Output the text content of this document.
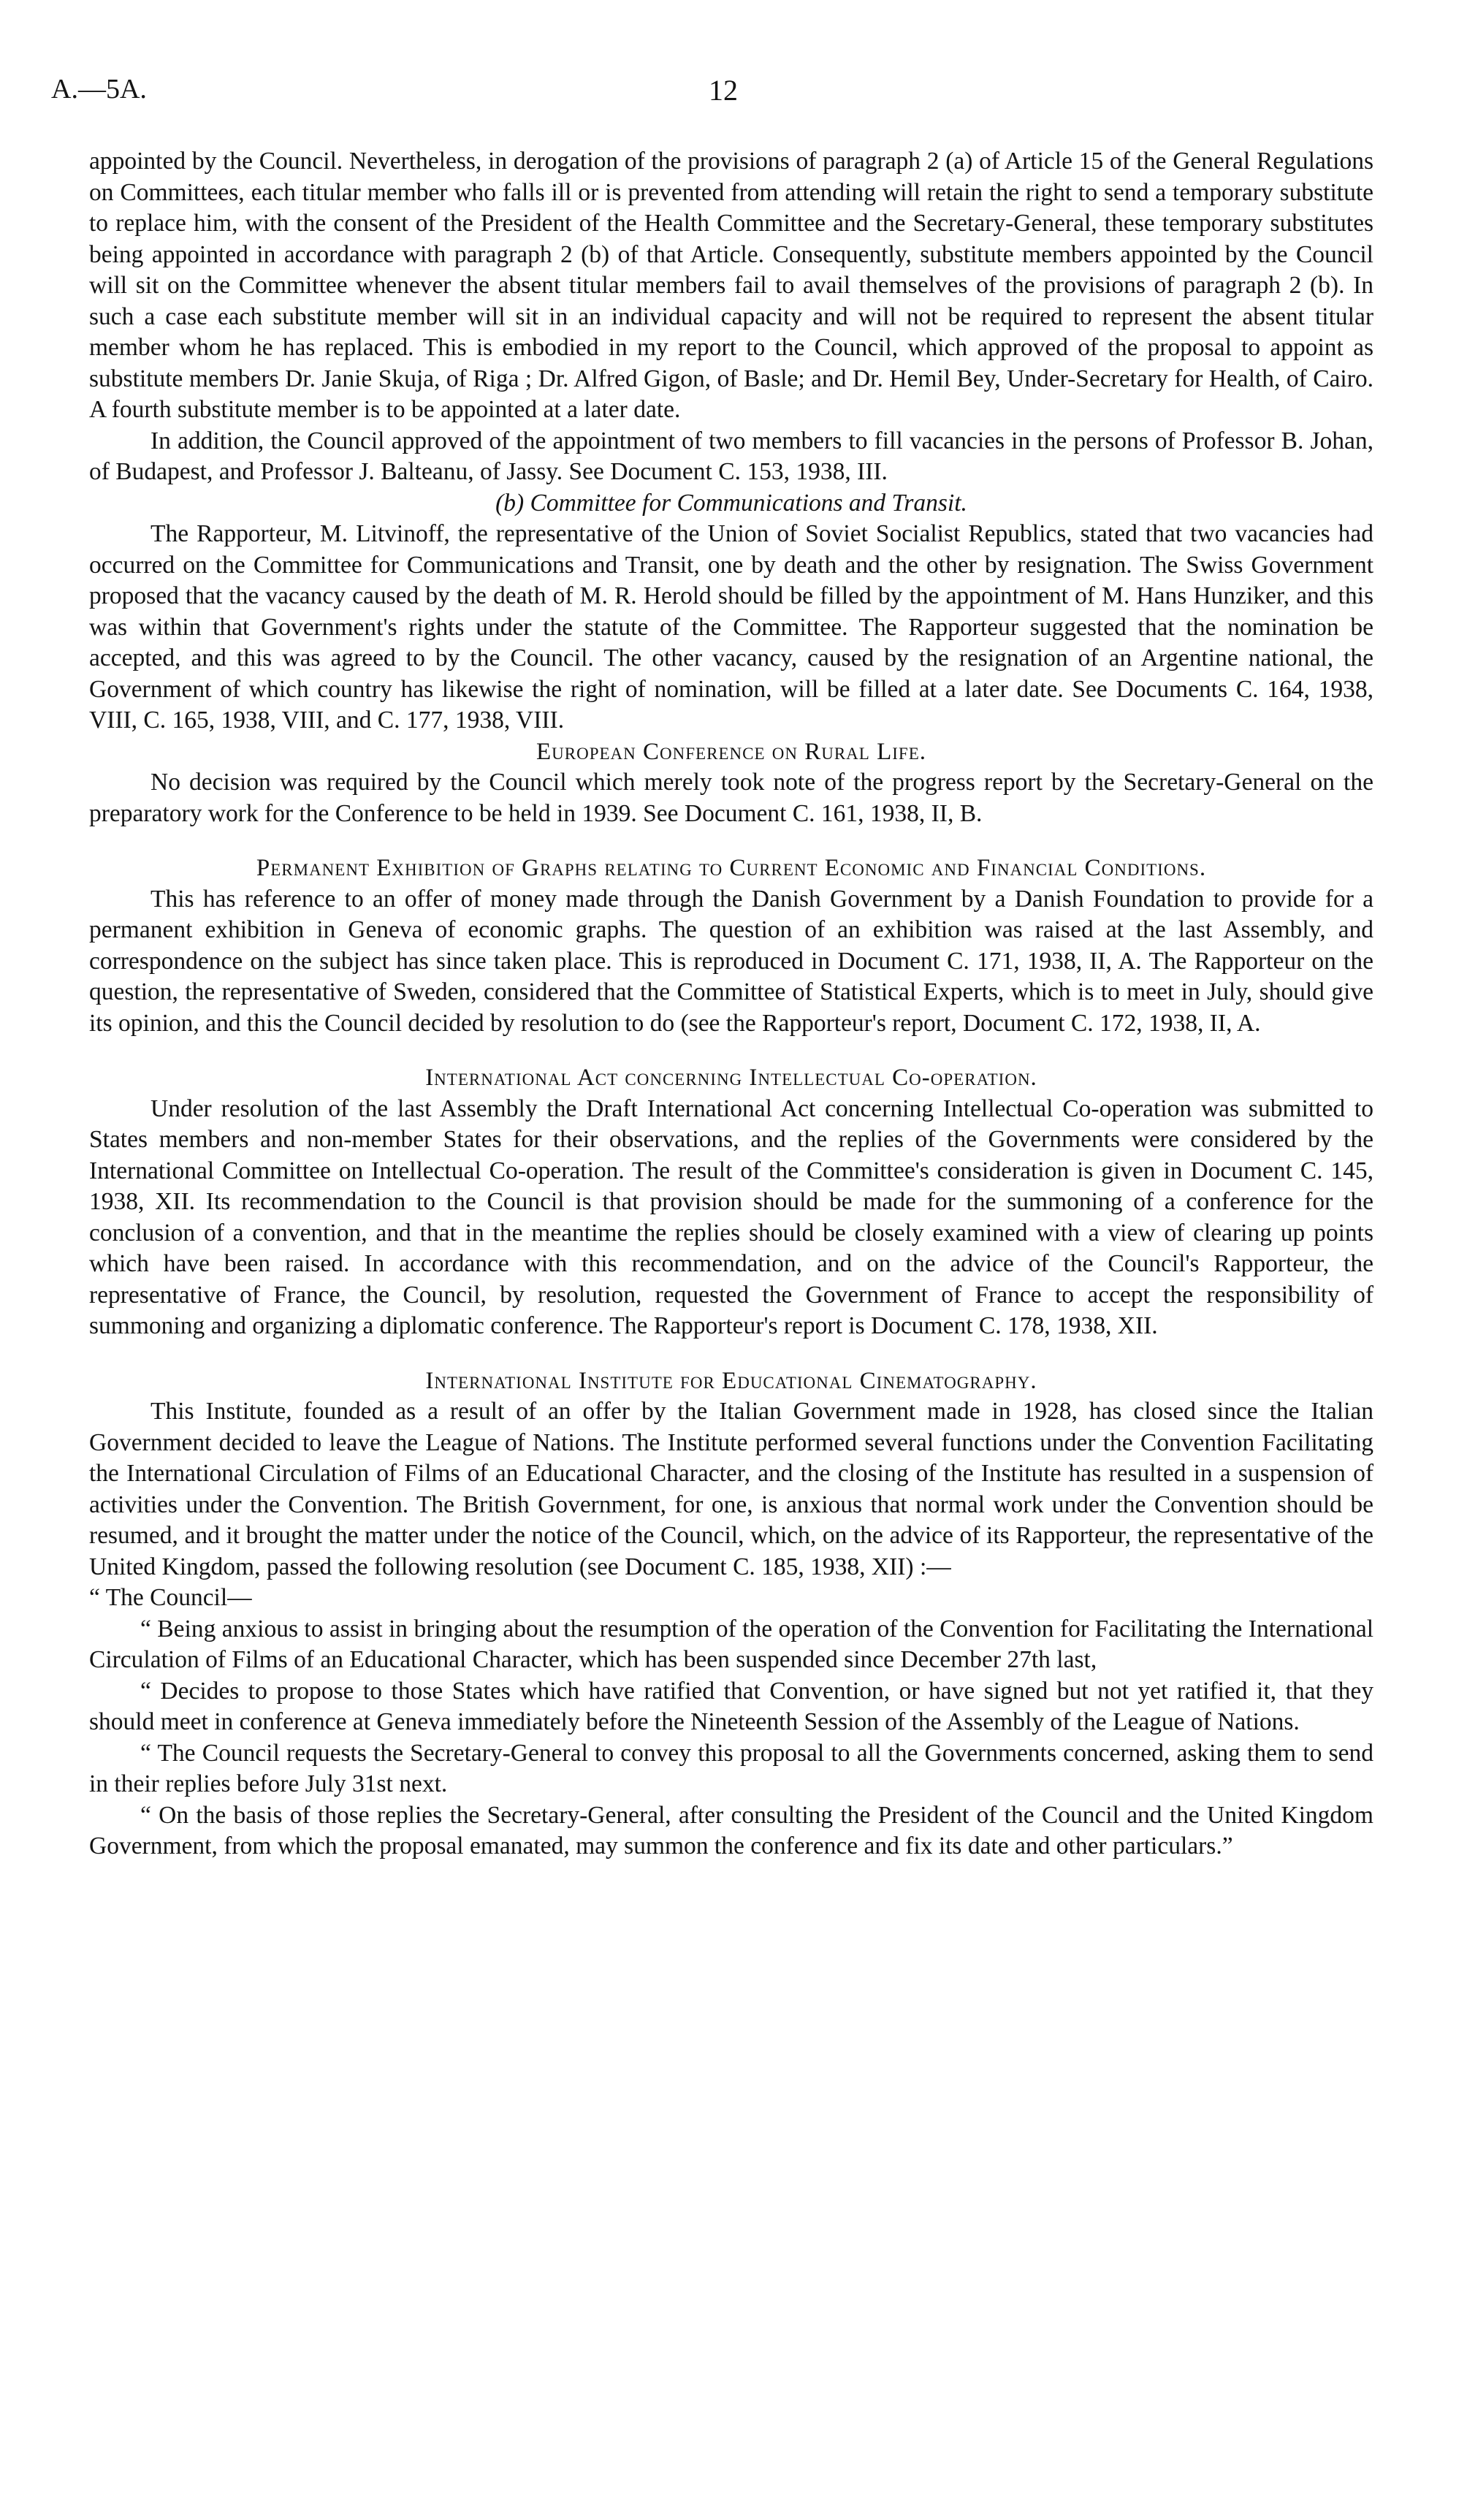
A.—5A.	12

appointed by the Council. Nevertheless, in derogation of the provisions of paragraph 2 (a) of Article 15 of the General Regulations on Committees, each titular member who falls ill or is prevented from attending will retain the right to send a temporary substitute to replace him, with the consent of the President of the Health Committee and the Secretary-General, these temporary substitutes being appointed in accordance with paragraph 2 (b) of that Article. Consequently, substitute members appointed by the Council will sit on the Committee whenever the absent titular members fail to avail themselves of the provisions of paragraph 2 (b). In such a case each substitute member will sit in an individual capacity and will not be required to represent the absent titular member whom he has replaced. This is embodied in my report to the Council, which approved of the proposal to appoint as substitute members Dr. Janie Skuja, of Riga ; Dr. Alfred Gigon, of Basle; and Dr. Hemil Bey, Under-Secretary for Health, of Cairo. A fourth substitute member is to be appointed at a later date.

In addition, the Council approved of the appointment of two members to fill vacancies in the persons of Professor B. Johan, of Budapest, and Professor J. Balteanu, of Jassy. See Document C. 153, 1938, III.

(b) Committee for Communications and Transit.

The Rapporteur, M. Litvinoff, the representative of the Union of Soviet Socialist Republics, stated that two vacancies had occurred on the Committee for Communications and Transit, one by death and the other by resignation. The Swiss Government proposed that the vacancy caused by the death of M. R. Herold should be filled by the appointment of M. Hans Hunziker, and this was within that Government's rights under the statute of the Committee. The Rapporteur suggested that the nomination be accepted, and this was agreed to by the Council. The other vacancy, caused by the resignation of an Argentine national, the Government of which country has likewise the right of nomination, will be filled at a later date. See Documents C. 164, 1938, VIII, C. 165, 1938, VIII, and C. 177, 1938, VIII.

European Conference on Rural Life.

No decision was required by the Council which merely took note of the progress report by the Secretary-General on the preparatory work for the Conference to be held in 1939. See Document C. 161, 1938, II, B.

Permanent Exhibition of Graphs relating to Current Economic and Financial Conditions.

This has reference to an offer of money made through the Danish Government by a Danish Foundation to provide for a permanent exhibition in Geneva of economic graphs. The question of an exhibition was raised at the last Assembly, and correspondence on the subject has since taken place. This is reproduced in Document C. 171, 1938, II, A. The Rapporteur on the question, the representative of Sweden, considered that the Committee of Statistical Experts, which is to meet in July, should give its opinion, and this the Council decided by resolution to do (see the Rapporteur's report, Document C. 172, 1938, II, A.

International Act concerning Intellectual Co-operation.

Under resolution of the last Assembly the Draft International Act concerning Intellectual Co-operation was submitted to States members and non-member States for their observations, and the replies of the Governments were considered by the International Committee on Intellectual Co-operation. The result of the Committee's consideration is given in Document C. 145, 1938, XII. Its recommendation to the Council is that provision should be made for the summoning of a conference for the conclusion of a convention, and that in the meantime the replies should be closely examined with a view of clearing up points which have been raised. In accordance with this recommendation, and on the advice of the Council's Rapporteur, the representative of France, the Council, by resolution, requested the Government of France to accept the responsibility of summoning and organizing a diplomatic conference. The Rapporteur's report is Document C. 178, 1938, XII.

International Institute for Educational Cinematography.

This Institute, founded as a result of an offer by the Italian Government made in 1928, has closed since the Italian Government decided to leave the League of Nations. The Institute performed several functions under the Convention Facilitating the International Circulation of Films of an Educational Character, and the closing of the Institute has resulted in a suspension of activities under the Convention. The British Government, for one, is anxious that normal work under the Convention should be resumed, and it brought the matter under the notice of the Council, which, on the advice of its Rapporteur, the representative of the United Kingdom, passed the following resolution (see Document C. 185, 1938, XII) :—

“ The Council—

“ Being anxious to assist in bringing about the resumption of the operation of the Convention for Facilitating the International Circulation of Films of an Educational Character, which has been suspended since December 27th last,

“ Decides to propose to those States which have ratified that Convention, or have signed but not yet ratified it, that they should meet in conference at Geneva immediately before the Nineteenth Session of the Assembly of the League of Nations.

“ The Council requests the Secretary-General to convey this proposal to all the Governments concerned, asking them to send in their replies before July 31st next.

“ On the basis of those replies the Secretary-General, after consulting the President of the Council and the United Kingdom Government, from which the proposal emanated, may summon the conference and fix its date and other particulars.”
